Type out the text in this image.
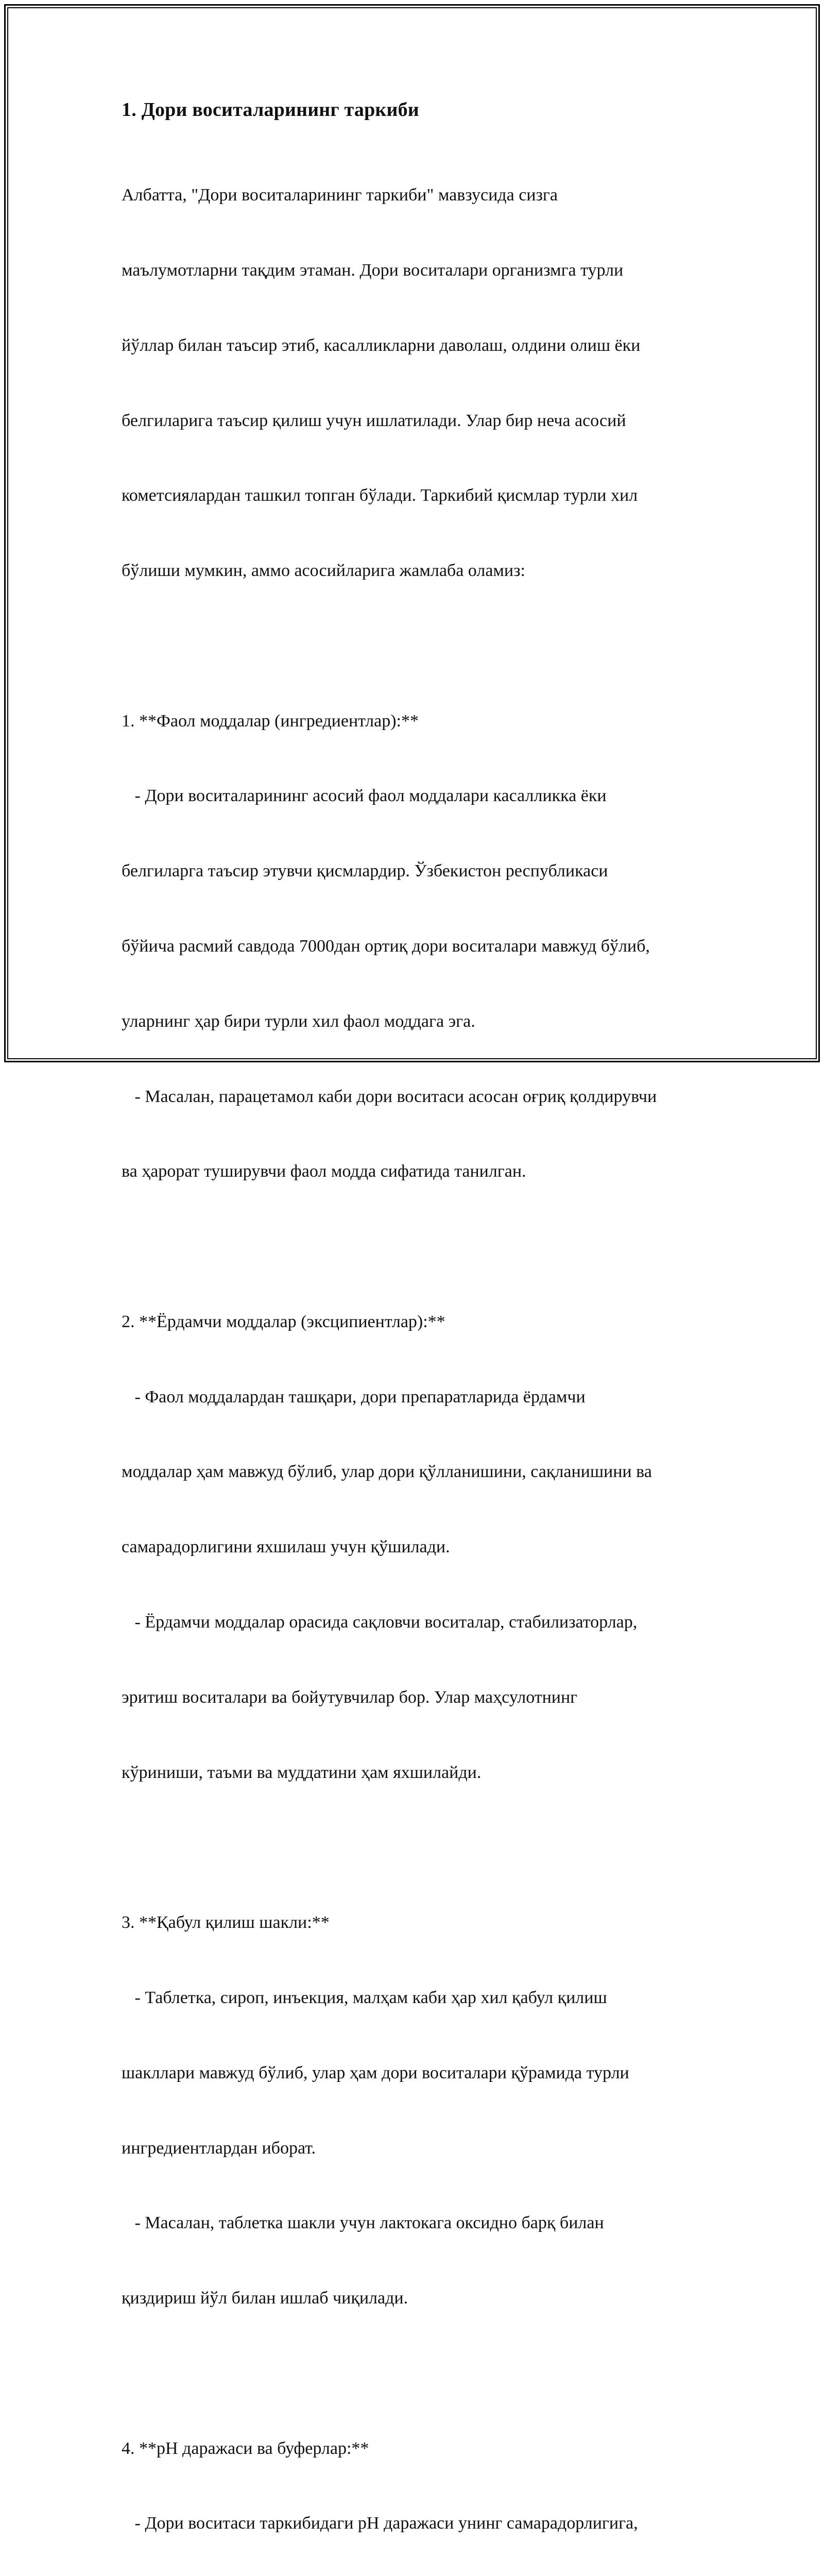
1. Дори воситаларининг таркиби

Албатта, "Дори воситаларининг таркиби" мавзусида сизга

маълумотларни тақдим этаман. Дори воситалари организмга турли

йўллар билан таъсир этиб, касалликларни даволаш, олдини олиш ёки

белгиларига таъсир қилиш учун ишлатилади. Улар бир неча асосий

кометсиялардан ташкил топган бўлади. Таркибий қисмлар турли хил

бўлиши мумкин, аммо асосийларига жамлаба оламиз:

1. **Фаол моддалар (ингредиентлар):**

- Дори воситаларининг асосий фаол моддалари касалликка ёки

белгиларга таъсир этувчи қисмлардир. Ўзбекистон республикаси

бўйича расмий савдода 7000дан ортиқ дори воситалари мавжуд бўлиб,

уларнинг ҳар бири турли хил фаол моддага эга.

- Масалан, парацетамол каби дори воситаси асосан оғриқ қолдирувчи

ва ҳарорат туширувчи фаол модда сифатида танилган.

2. **Ёрдамчи моддалар (эксципиентлар):**

- Фаол моддалардан ташқари, дори препаратларида ёрдамчи

моддалар ҳам мавжуд бўлиб, улар дори қўлланишини, сақланишини ва

самарадорлигини яхшилаш учун қўшилади.

- Ёрдамчи моддалар орасида сақловчи воситалар, стабилизаторлар,

эритиш воситалари ва бойутувчилар бор. Улар маҳсулотнинг

кўриниши, таъми ва муддатини ҳам яхшилайди.

3. **Қабул қилиш шакли:**

- Таблетка, сироп, инъекция, малҳам каби ҳар хил қабул қилиш

шакллари мавжуд бўлиб, улар ҳам дори воситалари қўрамида турли

ингредиентлардан иборат.

- Масалан, таблетка шакли учун лактокага оксидно барқ билан

қиздириш йўл билан ишлаб чиқилади.

4. **pH даражаси ва буферлар:**

- Дори воситаси таркибидаги pH даражаси унинг самарадорлигига,
